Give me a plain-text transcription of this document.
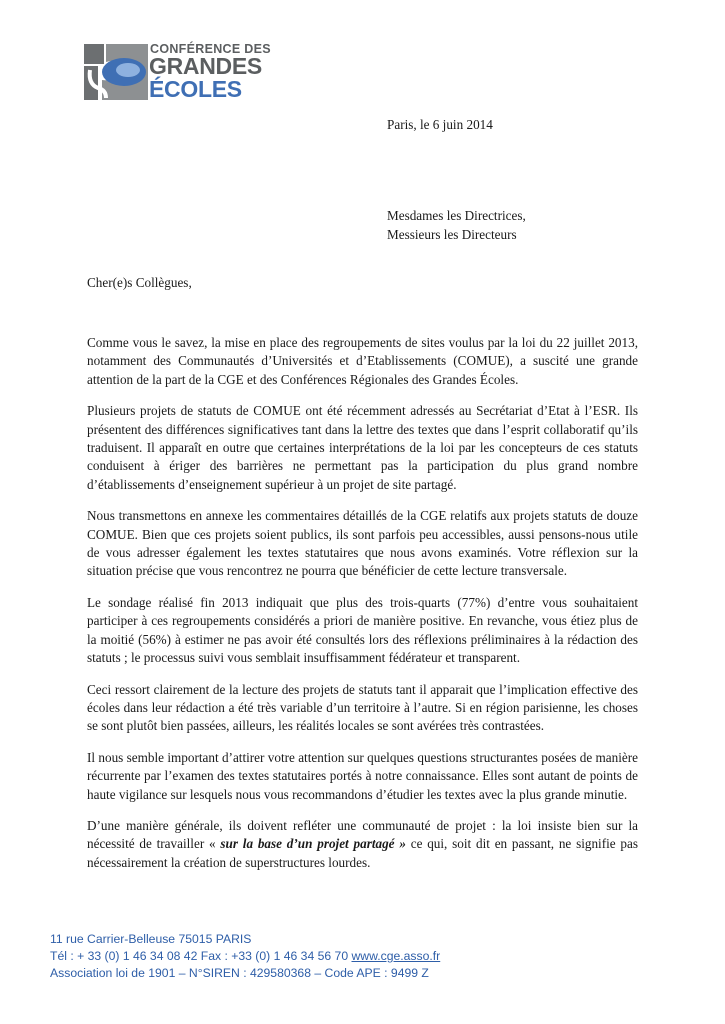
CONFÉRENCE DES
GRANDES
ÉCOLES
Paris, le 6 juin 2014
Mesdames les Directrices,
Messieurs les Directeurs
Cher(e)s Collègues,

Comme vous le savez, la mise en place des regroupements de sites voulus par la loi du 22 juillet 2013, notamment des Communautés d’Universités et d’Etablissements (COMUE), a suscité une grande attention de la part de la CGE et des Conférences Régionales des Grandes Écoles.

Plusieurs projets de statuts de COMUE ont été récemment adressés au Secrétariat d’Etat à l’ESR. Ils présentent des différences significatives tant dans la lettre des textes que dans l’esprit collaboratif qu’ils traduisent. Il apparaît en outre que certaines interprétations de la loi par les concepteurs de ces statuts conduisent à ériger des barrières ne permettant pas la participation du plus grand nombre d’établissements d’enseignement supérieur à un projet de site partagé.

Nous transmettons en annexe les commentaires détaillés de la CGE relatifs aux projets statuts de douze COMUE. Bien que ces projets soient publics, ils sont parfois peu accessibles, aussi pensons-nous utile de vous adresser également les textes statutaires que nous avons examinés. Votre réflexion sur la situation précise que vous rencontrez ne pourra que bénéficier de cette lecture transversale.

Le sondage réalisé fin 2013 indiquait que plus des trois-quarts (77%) d’entre vous souhaitaient participer à ces regroupements considérés a priori de manière positive. En revanche, vous étiez plus de la moitié (56%) à estimer ne pas avoir été consultés lors des réflexions préliminaires à la rédaction des statuts ; le processus suivi vous semblait insuffisamment fédérateur et transparent.

Ceci ressort clairement de la lecture des projets de statuts tant il apparait que l’implication effective des écoles dans leur rédaction a été très variable d’un territoire à l’autre. Si en région parisienne, les choses se sont plutôt bien passées, ailleurs, les réalités locales se sont avérées très contrastées.

Il nous semble important d’attirer votre attention sur quelques questions structurantes posées de manière récurrente par l’examen des textes statutaires portés à notre connaissance. Elles sont autant de points de haute vigilance sur lesquels nous vous recommandons d’étudier les textes avec la plus grande minutie.

D’une manière générale, ils doivent refléter une communauté de projet : la loi insiste bien sur la nécessité de travailler « sur la base d’un projet partagé » ce qui, soit dit en passant, ne signifie pas nécessairement la création de superstructures lourdes.

11 rue Carrier-Belleuse 75015 PARIS
Tél : + 33 (0) 1 46 34 08 42 Fax : +33 (0) 1 46 34 56 70 www.cge.asso.fr
Association loi de 1901 – N°SIREN : 429580368 – Code APE : 9499 Z
